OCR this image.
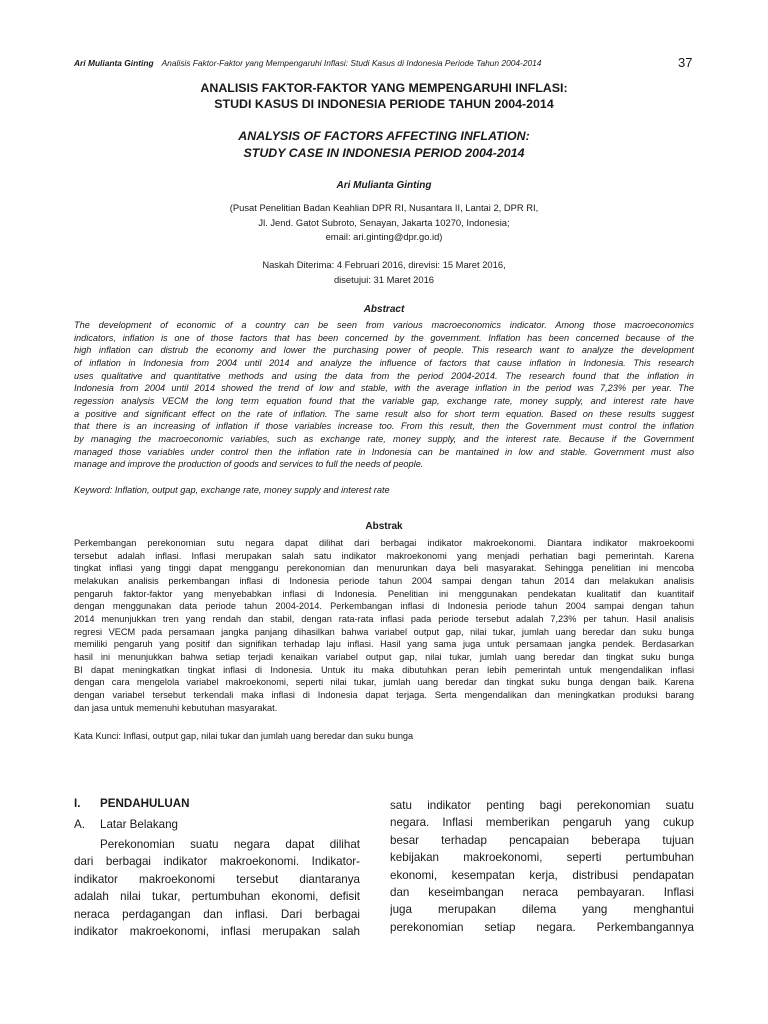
Ari Mulianta Ginting Analisis Faktor-Faktor yang Mempengaruhi Inflasi: Studi Kasus di Indonesia Periode Tahun 2004-2014	37
ANALISIS FAKTOR-FAKTOR YANG MEMPENGARUHI INFLASI:
STUDI KASUS DI INDONESIA PERIODE TAHUN 2004-2014
ANALYSIS OF FACTORS AFFECTING INFLATION:
STUDY CASE IN INDONESIA PERIOD 2004-2014
Ari Mulianta Ginting
(Pusat Penelitian Badan Keahlian DPR RI, Nusantara II, Lantai 2, DPR RI,
Jl. Jend. Gatot Subroto, Senayan, Jakarta 10270, Indonesia;
email: ari.ginting@dpr.go.id)
Naskah Diterima: 4 Februari 2016, direvisi: 15 Maret 2016,
disetujui: 31 Maret 2016
Abstract
The development of economic of a country can be seen from various macroeconomics indicator. Among those macroeconomics
indicators, inflation is one of those factors that has been concerned by the government. Inflation has been concerned because of the
high inflation can distrub the economy and lower the purchasing power of people. This research want to analyze the development
of inflation in Indonesia from 2004 until 2014 and analyze the influence of factors that cause inflation in Indonesia. This research
uses qualitative and quantitative methods and using the data from the period 2004-2014. The research found that the inflation in
Indonesia from 2004 until 2014 showed the trend of low and stable, with the average inflation in the period was 7,23% per year. The
regession analysis VECM the long term equation found that the variable gap, exchange rate, money supply, and interest rate have
a positive and significant effect on the rate of inflation. The same result also for short term equation. Based on these results suggest
that there is an increasing of inflation if those variables increase too. From this result, then the Government must control the inflation
by managing the macroeconomic variables, such as exchange rate, money supply, and the interest rate. Because if the Government
managed those variables under control then the inflation rate in Indonesia can be mantained in low and stable. Government must also
manage and improve the production of goods and services to full the needs of people.
Keyword: Inflation, output gap, exchange rate, money supply and interest rate
Abstrak
Perkembangan perekonomian sutu negara dapat dilihat dari berbagai indikator makroekonomi. Diantara indikator makroekoomi
tersebut adalah inflasi. Inflasi merupakan salah satu indikator makroekonomi yang menjadi perhatian bagi pemerintah. Karena
tingkat inflasi yang tinggi dapat menggangu perekonomian dan menurunkan daya beli masyarakat. Sehingga penelitian ini mencoba
melakukan analisis perkembangan inflasi di Indonesia periode tahun 2004 sampai dengan tahun 2014 dan melakukan analisis
pengaruh faktor-faktor yang menyebabkan inflasi di Indonesia. Penelitian ini menggunakan pendekatan kualitatif dan kuantitaif
dengan menggunakan data periode tahun 2004-2014. Perkembangan inflasi di Indonesia periode tahun 2004 sampai dengan tahun
2014 menunjukkan tren yang rendah dan stabil, dengan rata-rata inflasi pada periode tersebut adalah 7,23% per tahun. Hasil analisis
regresi VECM pada persamaan jangka panjang dihasilkan bahwa variabel output gap, nilai tukar, jumlah uang beredar dan suku bunga
memiliki pengaruh yang positif dan signifikan terhadap laju inflasi. Hasil yang sama juga untuk persamaan jangka pendek. Berdasarkan
hasil ini menunjukkan bahwa setiap terjadi kenaikan variabel output gap, nilai tukar, jumlah uang beredar dan tingkat suku bunga
BI dapat meningkatkan tingkat inflasi di Indonesia. Untuk itu maka dibutuhkan peran lebih pemerintah untuk mengendalikan inflasi
dengan cara mengelola variabel makroekonomi, seperti nilai tukar, jumlah uang beredar dan tingkat suku bunga dengan baik. Karena
dengan variabel tersebut terkendali maka inflasi di Indonesia dapat terjaga. Serta mengendalikan dan meningkatkan produksi barang
dan jasa untuk memenuhi kebutuhan masyarakat.
Kata Kunci: Inflasi, output gap, nilai tukar dan jumlah uang beredar dan suku bunga
I. PENDAHULUAN
A. Latar Belakang
Perekonomian suatu negara dapat dilihat
dari berbagai indikator makroekonomi. Indikator-
indikator makroekonomi tersebut diantaranya
adalah nilai tukar, pertumbuhan ekonomi, defisit
neraca perdagangan dan inflasi. Dari berbagai
indikator makroekonomi, inflasi merupakan salah
satu indikator penting bagi perekonomian suatu
negara. Inflasi memberikan pengaruh yang cukup
besar terhadap pencapaian beberapa tujuan
kebijakan makroekonomi, seperti pertumbuhan
ekonomi, kesempatan kerja, distribusi pendapatan
dan keseimbangan neraca pembayaran. Inflasi
juga merupakan dilema yang menghantui
perekonomian setiap negara. Perkembangannya
